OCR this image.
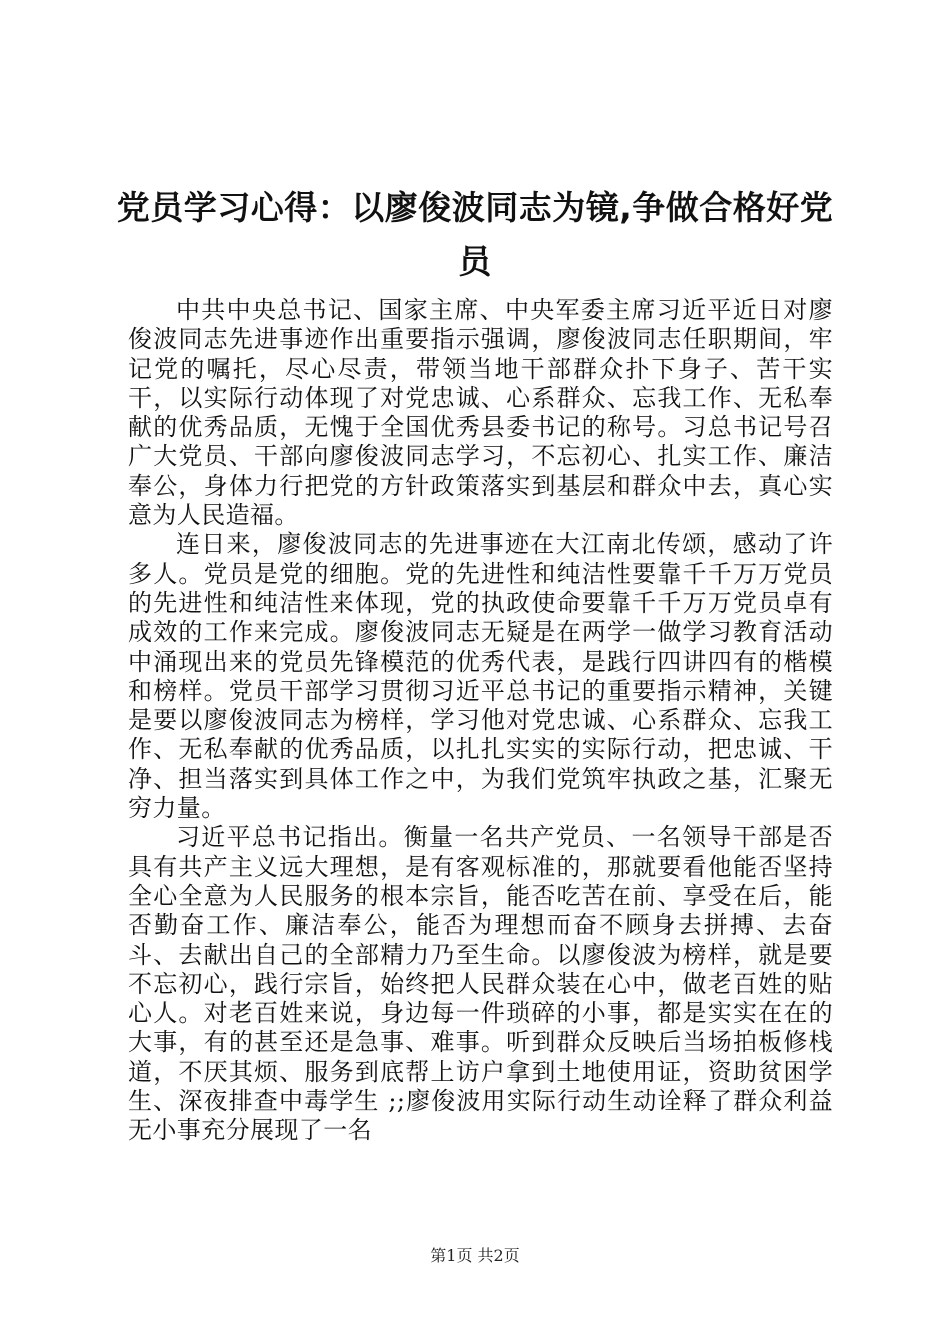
党员学习心得：以廖俊波同志为镜,争做合格好党员

中共中央总书记、国家主席、中央军委主席习近平近日对廖俊波同志先进事迹作出重要指示强调，廖俊波同志任职期间，牢记党的嘱托，尽心尽责，带领当地干部群众扑下身子、苦干实干，以实际行动体现了对党忠诚、心系群众、忘我工作、无私奉献的优秀品质，无愧于全国优秀县委书记的称号。习总书记号召广大党员、干部向廖俊波同志学习，不忘初心、扎实工作、廉洁奉公，身体力行把党的方针政策落实到基层和群众中去，真心实意为人民造福。

连日来，廖俊波同志的先进事迹在大江南北传颂，感动了许多人。党员是党的细胞。党的先进性和纯洁性要靠千千万万党员的先进性和纯洁性来体现，党的执政使命要靠千千万万党员卓有成效的工作来完成。廖俊波同志无疑是在两学一做学习教育活动中涌现出来的党员先锋模范的优秀代表，是践行四讲四有的楷模和榜样。党员干部学习贯彻习近平总书记的重要指示精神，关键是要以廖俊波同志为榜样，学习他对党忠诚、心系群众、忘我工作、无私奉献的优秀品质，以扎扎实实的实际行动，把忠诚、干净、担当落实到具体工作之中，为我们党筑牢执政之基，汇聚无穷力量。

习近平总书记指出。衡量一名共产党员、一名领导干部是否具有共产主义远大理想，是有客观标准的，那就要看他能否坚持全心全意为人民服务的根本宗旨，能否吃苦在前、享受在后，能否勤奋工作、廉洁奉公，能否为理想而奋不顾身去拼搏、去奋斗、去献出自己的全部精力乃至生命。以廖俊波为榜样，就是要不忘初心，践行宗旨，始终把人民群众装在心中，做老百姓的贴心人。对老百姓来说，身边每一件琐碎的小事，都是实实在在的大事，有的甚至还是急事、难事。听到群众反映后当场拍板修栈道，不厌其烦、服务到底帮上访户拿到土地使用证，资助贫困学生、深夜排查中毒学生 ;;廖俊波用实际行动生动诠释了群众利益无小事充分展现了一名

第1页 共2页
